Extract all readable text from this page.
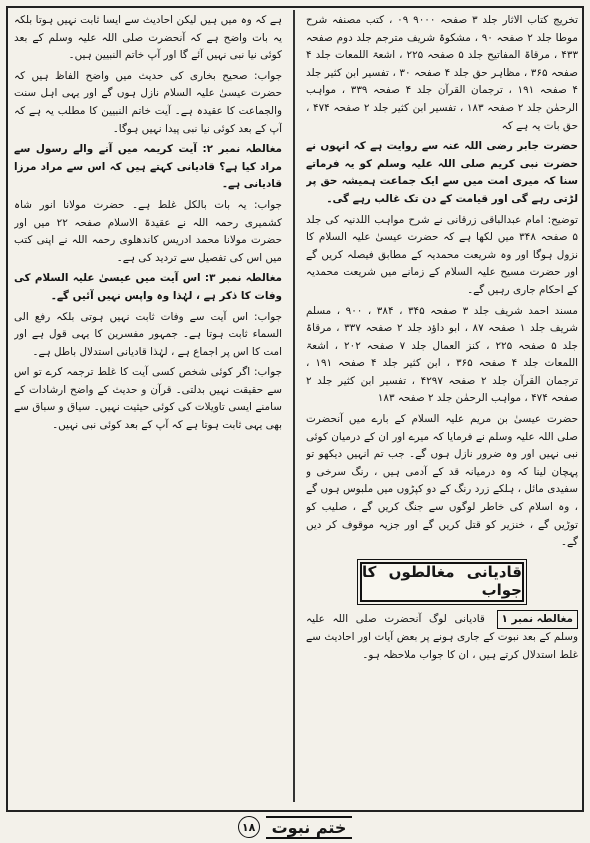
تخریج کتاب الاثار جلد ۳ صفحہ ۹۰۰۰ ۰۹ ، کتب مصنفہ شرح موطا جلد ۲ صفحہ ۹۰ ، مشکوۃ شریف مترجم جلد دوم صفحہ ۴۳۳ ، مرقاۃ المفاتیح جلد ۵ صفحہ ۲۲۵ ، اشعۃ اللمعات جلد ۴ صفحہ ۳۶۵ ، مظاہر حق جلد ۴ صفحہ ۳۰ ، تفسیر ابن کثیر جلد ۴ صفحہ ۱۹۱ ، ترجمان القرآن جلد ۴ صفحہ ۳۳۹ ، مواہب الرحمٰن جلد ۲ صفحہ ۱۸۳ ، تفسیر ابن کثیر جلد ۲ صفحہ ۴۷۴ ، حق بات یہ ہے کہ

حضرت جابر رضی اللہ عنہ سے روایت ہے کہ انہوں نے حضرت نبی کریم صلی اللہ علیہ وسلم کو یہ فرماتے سنا کہ میری امت میں سے ایک جماعت ہمیشہ حق پر لڑتی رہے گی اور قیامت کے دن تک غالب رہے گی۔

توضیح: امام عبدالباقی زرقانی نے شرح مواہب اللدنیہ کی جلد ۵ صفحہ ۳۴۸ میں لکھا ہے کہ حضرت عیسیٰ علیہ السلام کا نزول ہوگا اور وہ شریعت محمدیہ کے مطابق فیصلہ کریں گے اور حضرت مسیح علیہ السلام کے زمانے میں شریعت محمدیہ کے احکام جاری رہیں گے۔

مسند احمد شریف جلد ۳ صفحہ ۳۴۵ ، ۳۸۴ ، ۹۰۰ ، مسلم شریف جلد ۱ صفحہ ۸۷ ، ابو داؤد جلد ۲ صفحہ ۳۳۷ ، مرقاۃ جلد ۵ صفحہ ۲۲۵ ، کنز العمال جلد ۷ صفحہ ۲۰۲ ، اشعۃ اللمعات جلد ۴ صفحہ ۳۶۵ ، ابن کثیر جلد ۴ صفحہ ۱۹۱ ، ترجمان القرآن جلد ۲ صفحہ ۴۲۹۷ ، تفسیر ابن کثیر جلد ۲ صفحہ ۴۷۴ ، مواہب الرحمٰن جلد ۲ صفحہ ۱۸۳

حضرت عیسیٰ بن مریم علیہ السلام کے بارے میں آنحضرت صلی اللہ علیہ وسلم نے فرمایا کہ میرے اور ان کے درمیان کوئی نبی نہیں اور وہ ضرور نازل ہوں گے۔ جب تم انہیں دیکھو تو پہچان لینا کہ وہ درمیانہ قد کے آدمی ہیں ، رنگ سرخی و سفیدی مائل ، ہلکے زرد رنگ کے دو کپڑوں میں ملبوس ہوں گے ، وہ اسلام کی خاطر لوگوں سے جنگ کریں گے ، صلیب کو توڑیں گے ، خنزیر کو قتل کریں گے اور جزیہ موقوف کر دیں گے۔

قادیانی مغالطوں کا جواب

مغالطہ نمبر ۱ قادیانی لوگ آنحضرت صلی اللہ علیہ وسلم کے بعد نبوت کے جاری ہونے پر بعض آیات اور احادیث سے غلط استدلال کرتے ہیں ، ان کا جواب ملاحظہ ہو۔

ہے کہ وہ میں ہیں لیکن احادیث سے ایسا ثابت نہیں ہوتا بلکہ یہ بات واضح ہے کہ آنحضرت صلی اللہ علیہ وسلم کے بعد کوئی نیا نبی نہیں آئے گا اور آپ خاتم النبیین ہیں۔

جواب: صحیح بخاری کی حدیث میں واضح الفاظ ہیں کہ حضرت عیسیٰ علیہ السلام نازل ہوں گے اور یہی اہل سنت والجماعت کا عقیدہ ہے۔ آیت خاتم النبیین کا مطلب یہ ہے کہ آپ کے بعد کوئی نیا نبی پیدا نہیں ہوگا۔

مغالطہ نمبر ۲: آیت کریمہ میں آنے والے رسول سے مراد کیا ہے؟ قادیانی کہتے ہیں کہ اس سے مراد مرزا قادیانی ہے۔

جواب: یہ بات بالکل غلط ہے۔ حضرت مولانا انور شاہ کشمیری رحمہ اللہ نے عقیدۃ الاسلام صفحہ ۲۲ میں اور حضرت مولانا محمد ادریس کاندھلوی رحمہ اللہ نے اپنی کتب میں اس کی تفصیل سے تردید کی ہے۔

مغالطہ نمبر ۳: اس آیت میں عیسیٰ علیہ السلام کی وفات کا ذکر ہے ، لہٰذا وہ واپس نہیں آئیں گے۔

جواب: اس آیت سے وفات ثابت نہیں ہوتی بلکہ رفع الی السماء ثابت ہوتا ہے۔ جمہور مفسرین کا یہی قول ہے اور امت کا اس پر اجماع ہے ، لہٰذا قادیانی استدلال باطل ہے۔

جواب: اگر کوئی شخص کسی آیت کا غلط ترجمہ کرے تو اس سے حقیقت نہیں بدلتی۔ قرآن و حدیث کے واضح ارشادات کے سامنے ایسی تاویلات کی کوئی حیثیت نہیں۔ سیاق و سباق سے بھی یہی ثابت ہوتا ہے کہ آپ کے بعد کوئی نبی نہیں۔

ختم نبوت
۱۸
